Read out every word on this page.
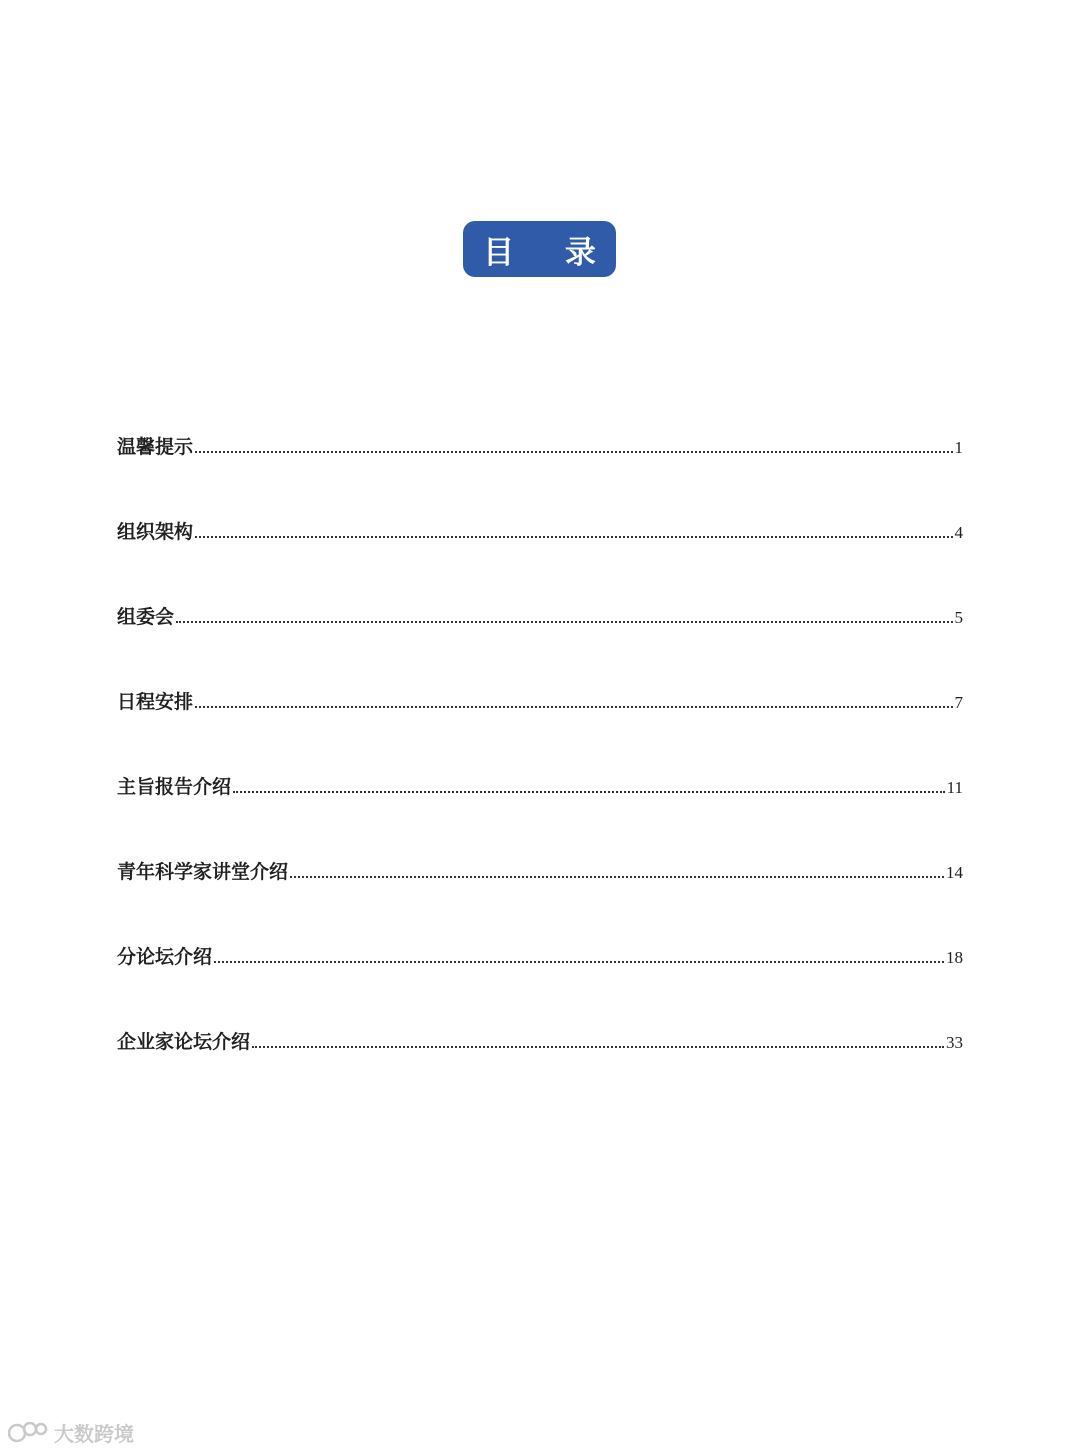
目 录
温馨提示	1
组织架构	4
组委会	5
日程安排	7
主旨报告介绍	11
青年科学家讲堂介绍	14
分论坛介绍	18
企业家论坛介绍	33
大数跨境
